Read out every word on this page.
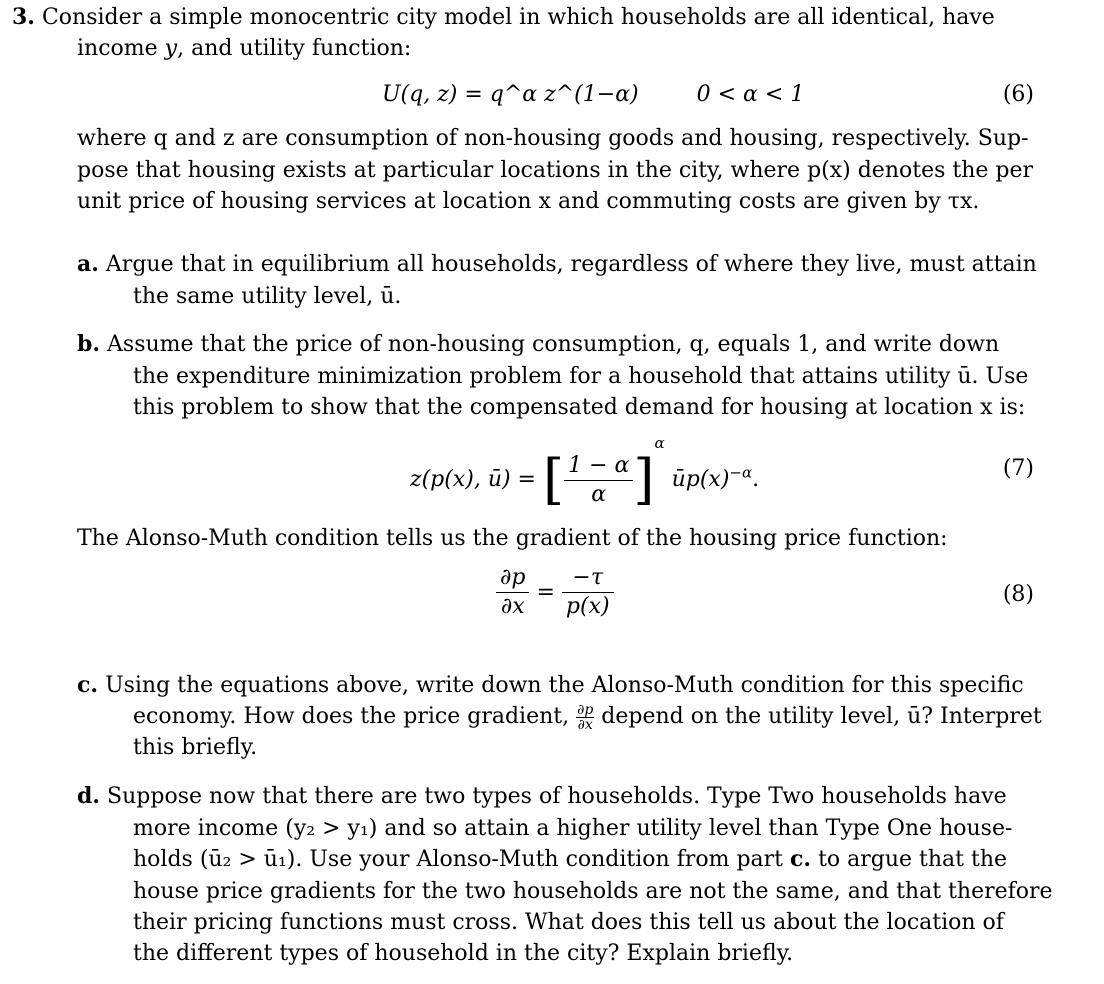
3. Consider a simple monocentric city model in which households are all identical, have
income y, and utility function:
U(q, z) = q^α z^(1−α)	0 < α < 1	(6)
where q and z are consumption of non-housing goods and housing, respectively. Sup-
pose that housing exists at particular locations in the city, where p(x) denotes the per
unit price of housing services at location x and commuting costs are given by τx.
a. Argue that in equilibrium all households, regardless of where they live, must attain
the same utility level, ū.
b. Assume that the price of non-housing consumption, q, equals 1, and write down
the expenditure minimization problem for a household that attains utility ū. Use
this problem to show that the compensated demand for housing at location x is:
z(p(x), ū) = [ $\frac{1 - \alpha}{\alpha} ]^\alpha$ $ūp(x)^{-\alpha}$.	(7)
The Alonso-Muth condition tells us the gradient of the housing price function:
$\frac{\partial p}{\partial x} = \frac{-\tau}{p(x)}$	(8)
c. Using the equations above, write down the Alonso-Muth condition for this specific
economy. How does the price gradient, $\frac{\partial p}{\partial x}$ depend on the utility level, ū? Interpret
this briefly.
d. Suppose now that there are two types of households. Type Two households have
more income (y₂ > y₁) and so attain a higher utility level than Type One house-
holds (ū₂ > ū₁). Use your Alonso-Muth condition from part c. to argue that the
house price gradients for the two households are not the same, and that therefore
their pricing functions must cross. What does this tell us about the location of
the different types of household in the city? Explain briefly.
